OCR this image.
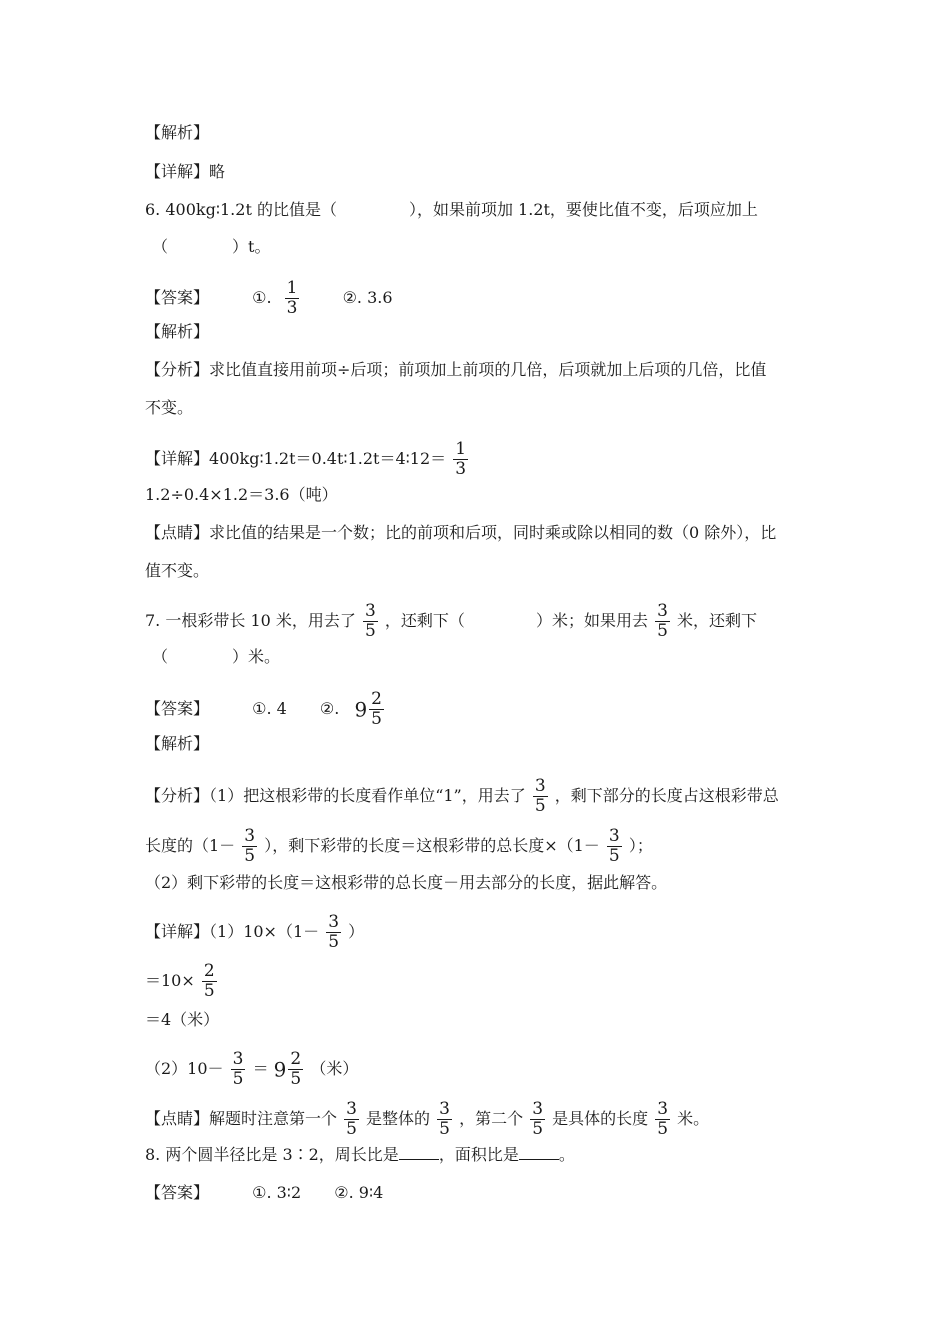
【解析】
【详解】略
6. 400kg∶1.2t 的比值是（	），如果前项加 1.2t，要使比值不变，后项应加上
（	）t。
【答案】	①. $\frac{1}{3}$	②. 3.6
【解析】
【分析】求比值直接用前项÷后项；前项加上前项的几倍，后项就加上后项的几倍，比值
不变。
【详解】400kg∶1.2t＝0.4t∶1.2t＝4∶12＝ $\frac{1}{3}$
1.2÷0.4×1.2＝3.6（吨）
【点睛】求比值的结果是一个数；比的前项和后项，同时乘或除以相同的数（0 除外），比
值不变。
7. 一根彩带长 10 米，用去了 $\frac{3}{5}$ ，还剩下（	）米；如果用去 $\frac{3}{5}$ 米，还剩下
（	）米。
【答案】	①. 4 ②. $9 \frac{2}{5}$
【解析】
【分析】（1）把这根彩带的长度看作单位“1”，用去了 $\frac{3}{5}$ ，剩下部分的长度占这根彩带总
长度的（$1- \frac{3}{5}$ ），剩下彩带的长度＝这根彩带的总长度$\times(1- \frac{3}{5}$ ）；
（2）剩下彩带的长度＝这根彩带的总长度－用去部分的长度，据此解答。
【详解】$(1)10\times(1- \frac{3}{5}$ ）
$=10\times \frac{2}{5}$
＝4（米）
$(2)10- \frac{3}{5} = 9 \frac{2}{5}$ （米）
【点睛】解题时注意第一个 $\frac{3}{5}$ 是整体的 $\frac{3}{5}$ ，第二个 $\frac{3}{5}$ 是具体的长度 $\frac{3}{5}$ 米。
8. 两个圆半径比是 3∶2，周长比是	，面积比是	。
【答案】	①. 3∶2 ②. 9∶4
